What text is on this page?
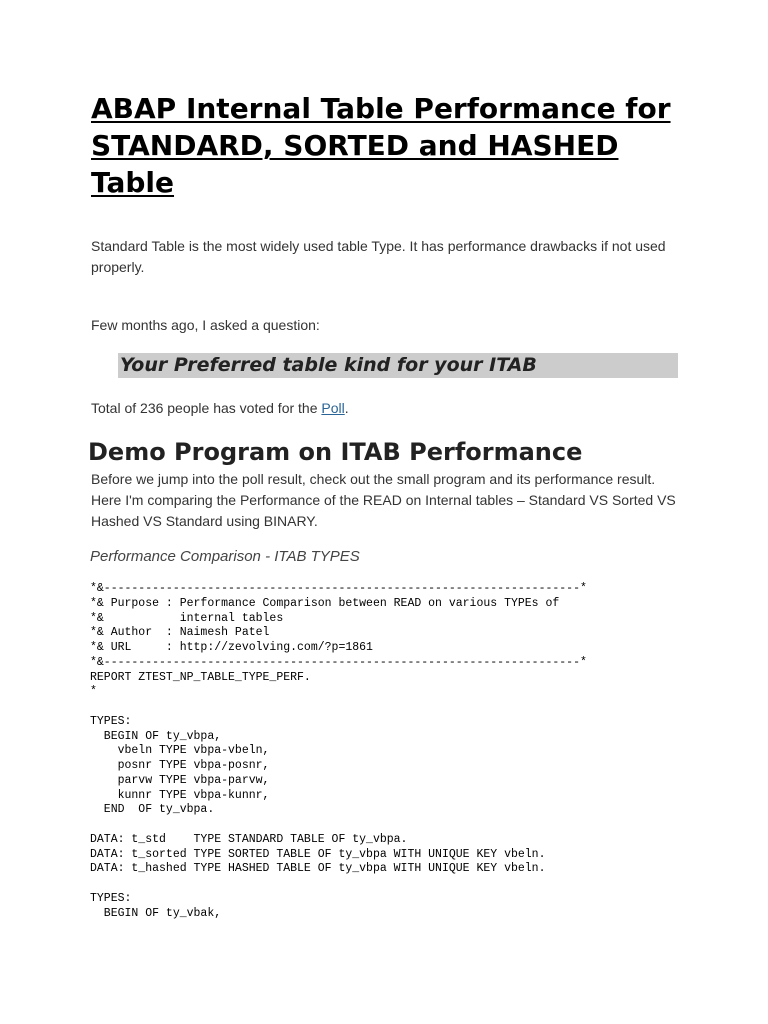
ABAP Internal Table Performance for STANDARD, SORTED and HASHED Table

Standard Table is the most widely used table Type. It has performance drawbacks if not used properly.

Few months ago, I asked a question:

Your Preferred table kind for your ITAB

Total of 236 people has voted for the Poll.

Demo Program on ITAB Performance

Before we jump into the poll result, check out the small program and its performance result. Here I'm comparing the Performance of the READ on Internal tables – Standard VS Sorted VS Hashed VS Standard using BINARY.

Performance Comparison - ITAB TYPES

*&---------------------------------------------------------------------*
*& Purpose : Performance Comparison between READ on various TYPEs of
*&           internal tables
*& Author  : Naimesh Patel
*& URL     : http://zevolving.com/?p=1861
*&---------------------------------------------------------------------*
REPORT ZTEST_NP_TABLE_TYPE_PERF.
*
TYPES:
BEGIN OF ty_vbpa,
vbeln TYPE vbpa-vbeln,
posnr TYPE vbpa-posnr,
parvw TYPE vbpa-parvw,
kunnr TYPE vbpa-kunnr,
END  OF ty_vbpa.
DATA: t_std    TYPE STANDARD TABLE OF ty_vbpa.
DATA: t_sorted TYPE SORTED TABLE OF ty_vbpa WITH UNIQUE KEY vbeln.
DATA: t_hashed TYPE HASHED TABLE OF ty_vbpa WITH UNIQUE KEY vbeln.
TYPES:
BEGIN OF ty_vbak,
